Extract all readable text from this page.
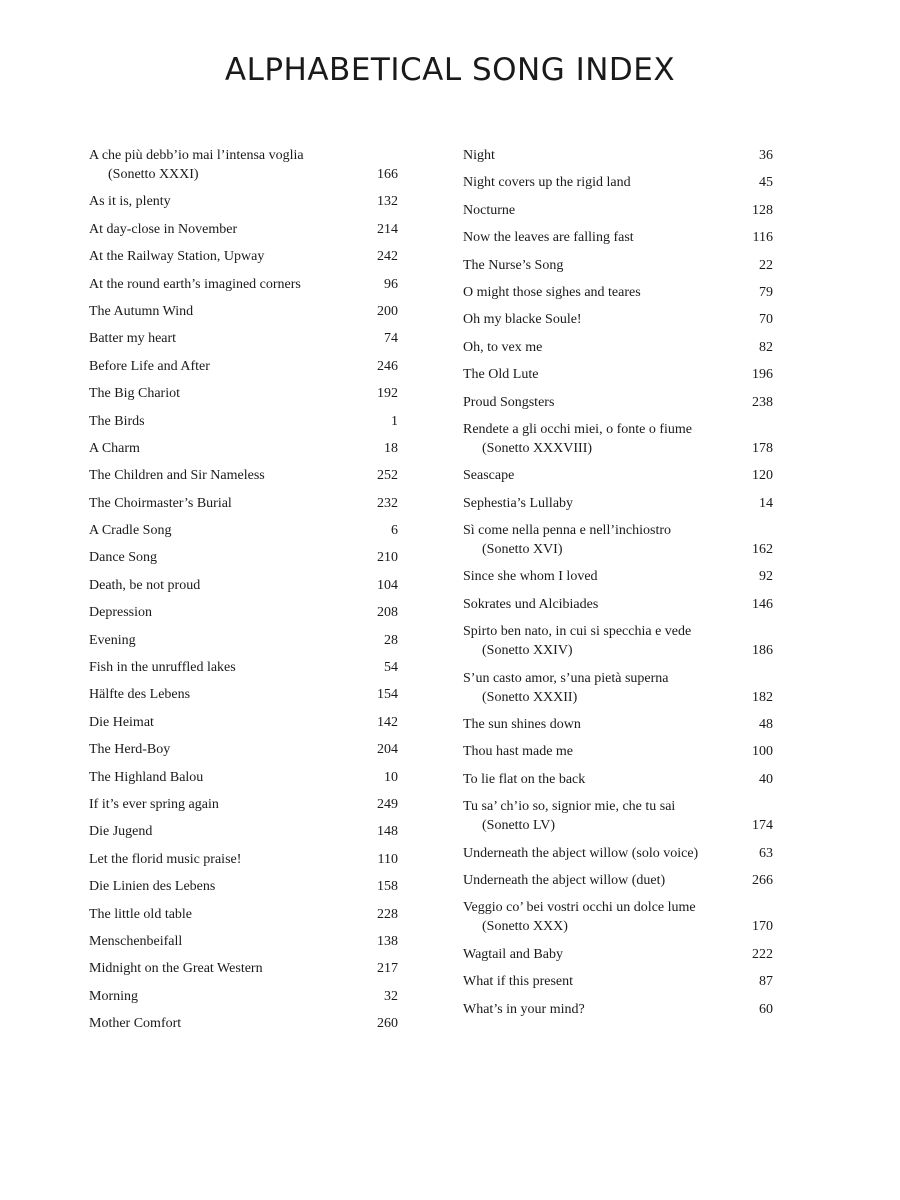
ALPHABETICAL SONG INDEX
A che più debb’io mai l’intensa voglia
(Sonetto XXXI)	166
As it is, plenty	132
At day-close in November	214
At the Railway Station, Upway	242
At the round earth’s imagined corners	96
The Autumn Wind	200
Batter my heart	74
Before Life and After	246
The Big Chariot	192
The Birds	1
A Charm	18
The Children and Sir Nameless	252
The Choirmaster’s Burial	232
A Cradle Song	6
Dance Song	210
Death, be not proud	104
Depression	208
Evening	28
Fish in the unruffled lakes	54
Hälfte des Lebens	154
Die Heimat	142
The Herd-Boy	204
The Highland Balou	10
If it’s ever spring again	249
Die Jugend	148
Let the florid music praise!	110
Die Linien des Lebens	158
The little old table	228
Menschenbeifall	138
Midnight on the Great Western	217
Morning	32
Mother Comfort	260
Night	36
Night covers up the rigid land	45
Nocturne	128
Now the leaves are falling fast	116
The Nurse’s Song	22
O might those sighes and teares	79
Oh my blacke Soule!	70
Oh, to vex me	82
The Old Lute	196
Proud Songsters	238
Rendete a gli occhi miei, o fonte o fiume
(Sonetto XXXVIII)	178
Seascape	120
Sephestia’s Lullaby	14
Sì come nella penna e nell’inchiostro
(Sonetto XVI)	162
Since she whom I loved	92
Sokrates und Alcibiades	146
Spirto ben nato, in cui si specchia e vede
(Sonetto XXIV)	186
S’un casto amor, s’una pietà superna
(Sonetto XXXII)	182
The sun shines down	48
Thou hast made me	100
To lie flat on the back	40
Tu sa’ ch’io so, signior mie, che tu sai
(Sonetto LV)	174
Underneath the abject willow (solo voice)	63
Underneath the abject willow (duet)	266
Veggio co’ bei vostri occhi un dolce lume
(Sonetto XXX)	170
Wagtail and Baby	222
What if this present	87
What’s in your mind?	60
